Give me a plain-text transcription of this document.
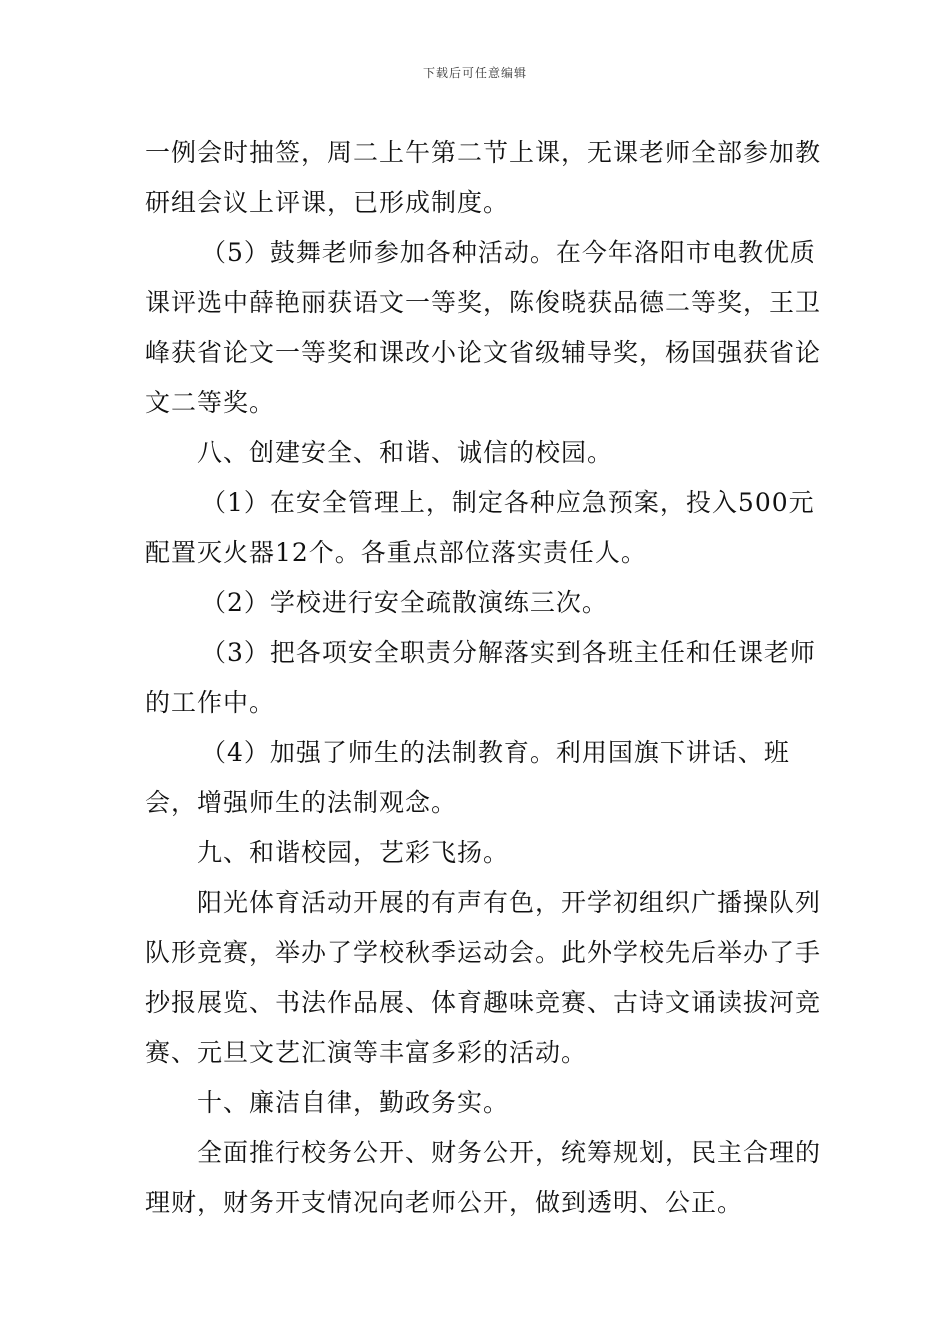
下载后可任意编辑

一例会时抽签，周二上午第二节上课，无课老师全部参加教研组会议上评课，已形成制度。

（5）鼓舞老师参加各种活动。在今年洛阳市电教优质课评选中薛艳丽获语文一等奖，陈俊晓获品德二等奖，王卫峰获省论文一等奖和课改小论文省级辅导奖，杨国强获省论文二等奖。

八、创建安全、和谐、诚信的校园。

（1）在安全管理上，制定各种应急预案，投入500元配置灭火器12个。各重点部位落实责任人。

（2）学校进行安全疏散演练三次。

（3）把各项安全职责分解落实到各班主任和任课老师的工作中。

（4）加强了师生的法制教育。利用国旗下讲话、班会，增强师生的法制观念。

九、和谐校园，艺彩飞扬。

阳光体育活动开展的有声有色，开学初组织广播操队列队形竞赛，举办了学校秋季运动会。此外学校先后举办了手抄报展览、书法作品展、体育趣味竞赛、古诗文诵读拔河竞赛、元旦文艺汇演等丰富多彩的活动。

十、廉洁自律，勤政务实。

全面推行校务公开、财务公开，统筹规划，民主合理的理财，财务开支情况向老师公开，做到透明、公正。
